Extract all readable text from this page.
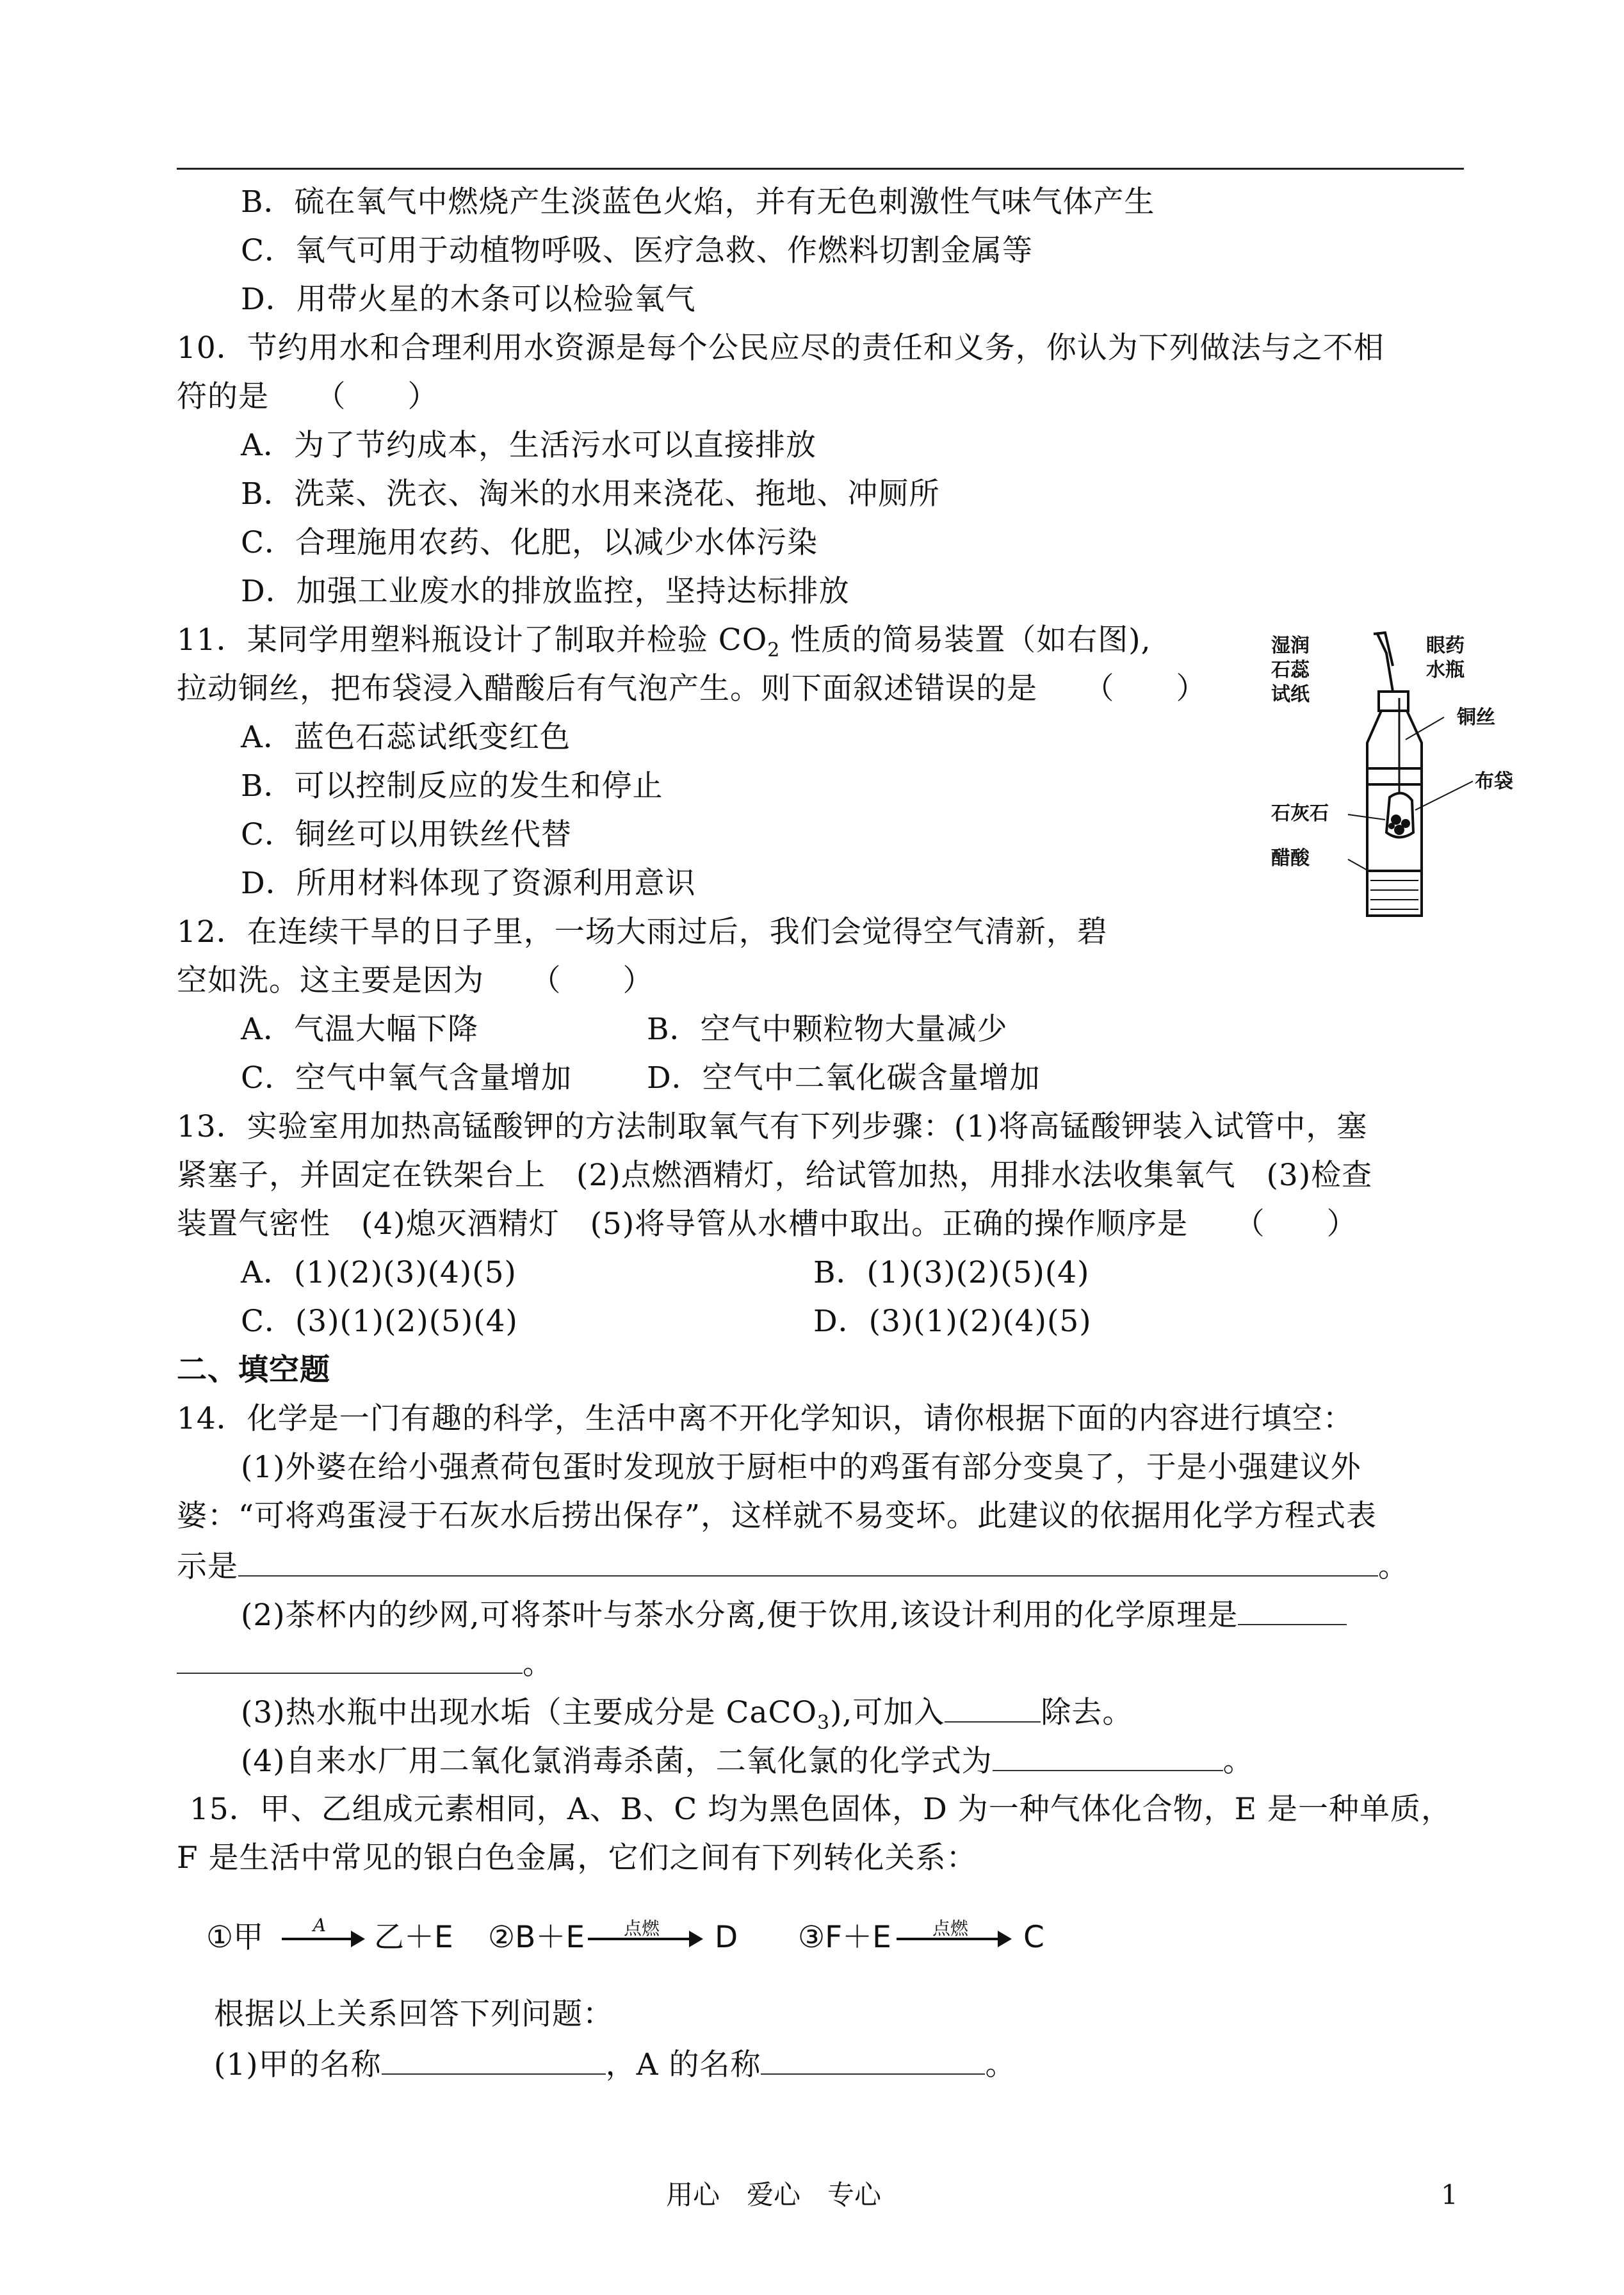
B．硫在氧气中燃烧产生淡蓝色火焰，并有无色刺激性气味气体产生
C．氧气可用于动植物呼吸、医疗急救、作燃料切割金属等
D．用带火星的木条可以检验氧气
10．节约用水和合理利用水资源是每个公民应尽的责任和义务，你认为下列做法与之不相
符的是　　（　　）
A．为了节约成本，生活污水可以直接排放
B．洗菜、洗衣、淘米的水用来浇花、拖地、冲厕所
C．合理施用农药、化肥，以减少水体污染
D．加强工业废水的排放监控，坚持达标排放
11．某同学用塑料瓶设计了制取并检验 $CO_2$ 性质的简易装置（如右图),
拉动铜丝，把布袋浸入醋酸后有气泡产生。则下面叙述错误的是　　（　　）
A．蓝色石蕊试纸变红色
B．可以控制反应的发生和停止
C．铜丝可以用铁丝代替
D．所用材料体现了资源利用意识
湿润
石蕊
试纸
眼药
水瓶
铜丝
布袋
石灰石
醋酸
12．在连续干旱的日子里，一场大雨过后，我们会觉得空气清新，碧
空如洗。这主要是因为　　（　　）
A．气温大幅下降	B．空气中颗粒物大量减少
C．空气中氧气含量增加 D．空气中二氧化碳含量增加
13．实验室用加热高锰酸钾的方法制取氧气有下列步骤：(1)将高锰酸钾装入试管中，塞
紧塞子，并固定在铁架台上　(2)点燃酒精灯，给试管加热，用排水法收集氧气　(3)检查
装置气密性　(4)熄灭酒精灯　(5)将导管从水槽中取出。正确的操作顺序是　　（　　）
A．(1)(2)(3)(4)(5)	B．(1)(3)(2)(5)(4)
C．(3)(1)(2)(5)(4)	D．(3)(1)(2)(4)(5)
二、填空题
14．化学是一门有趣的科学，生活中离不开化学知识，请你根据下面的内容进行填空：
(1)外婆在给小强煮荷包蛋时发现放于厨柜中的鸡蛋有部分变臭了，于是小强建议外
婆：“可将鸡蛋浸于石灰水后捞出保存”，这样就不易变坏。此建议的依据用化学方程式表
示是	。
(2)茶杯内的纱网,可将茶叶与茶水分离,便于饮用,该设计利用的化学原理是
。
(3)热水瓶中出现水垢（主要成分是 CaCO$_3$),可加入	除去。
(4)自来水厂用二氧化氯消毒杀菌，二氧化氯的化学式为	。
15．甲、乙组成元素相同，A、B、C 均为黑色固体，D 为一种气体化合物，E 是一种单质，
F 是生活中常见的银白色金属，它们之间有下列转化关系：
①甲	A	乙＋E ②B＋E	点燃	D ③F＋E	点燃	C
根据以上关系回答下列问题：
(1)甲的名称	，A 的名称	。
用心　爱心　专心	1
